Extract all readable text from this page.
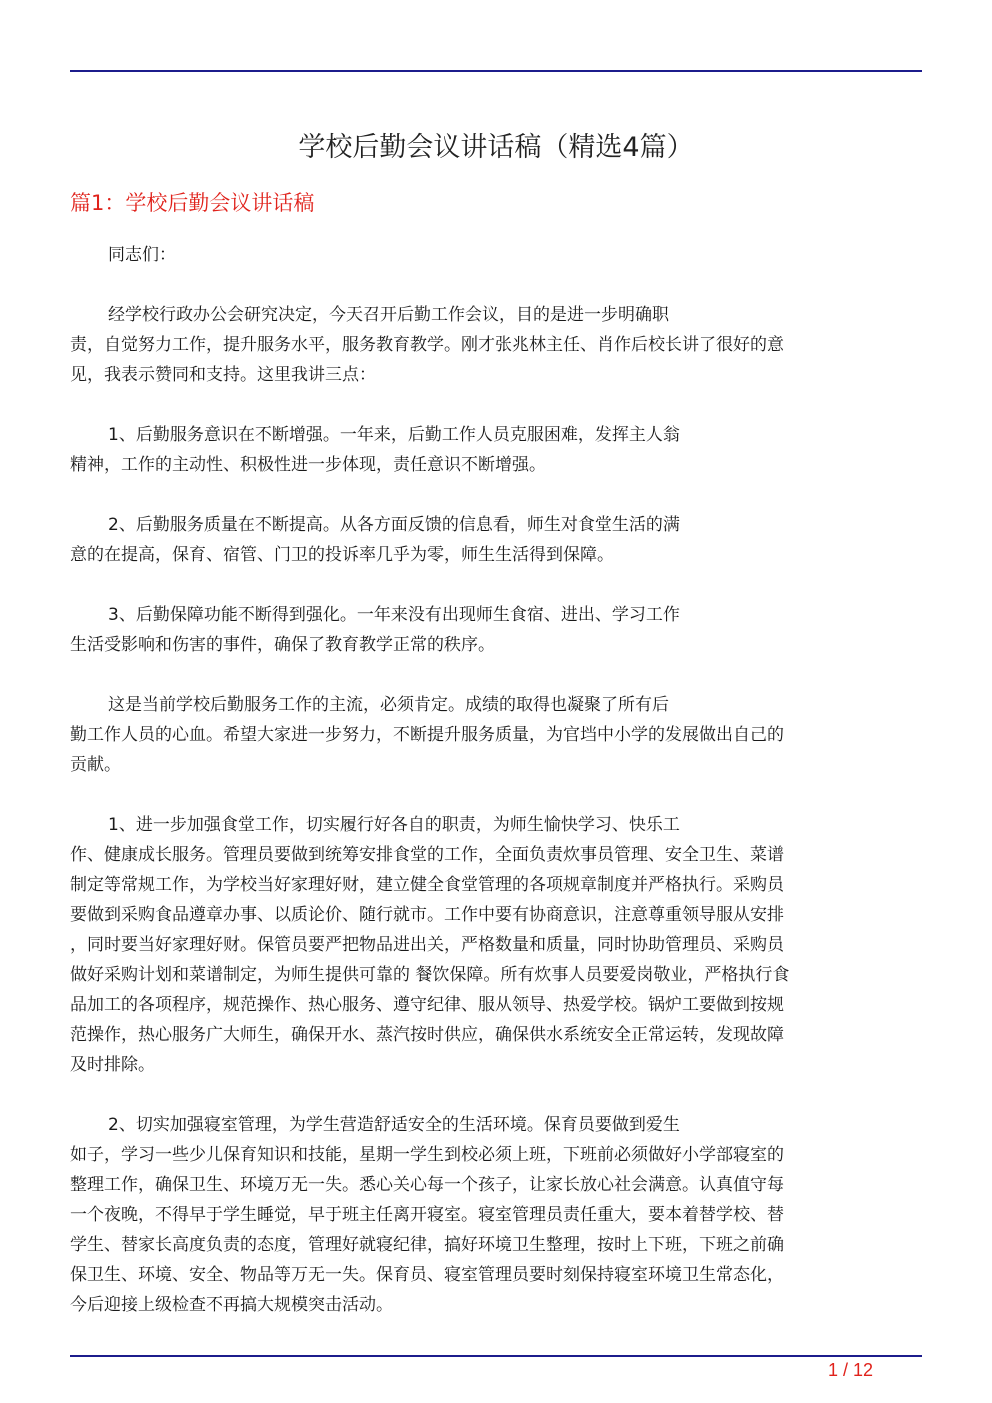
学校后勤会议讲话稿（精选4篇）
篇1：学校后勤会议讲话稿

同志们：

经学校行政办公会研究决定，今天召开后勤工作会议，目的是进一步明确职
责，自觉努力工作，提升服务水平，服务教育教学。刚才张兆林主任、肖作后校长讲了很好的意
见，我表示赞同和支持。这里我讲三点：

1、后勤服务意识在不断增强。一年来，后勤工作人员克服困难，发挥主人翁
精神，工作的主动性、积极性进一步体现，责任意识不断增强。

2、后勤服务质量在不断提高。从各方面反馈的信息看，师生对食堂生活的满
意的在提高，保育、宿管、门卫的投诉率几乎为零，师生生活得到保障。

3、后勤保障功能不断得到强化。一年来没有出现师生食宿、进出、学习工作
生活受影响和伤害的事件，确保了教育教学正常的秩序。

这是当前学校后勤服务工作的主流，必须肯定。成绩的取得也凝聚了所有后
勤工作人员的心血。希望大家进一步努力，不断提升服务质量，为官垱中小学的发展做出自己的
贡献。

1、进一步加强食堂工作，切实履行好各自的职责，为师生愉快学习、快乐工
作、健康成长服务。管理员要做到统筹安排食堂的工作，全面负责炊事员管理、安全卫生、菜谱
制定等常规工作，为学校当好家理好财，建立健全食堂管理的各项规章制度并严格执行。采购员
要做到采购食品遵章办事、以质论价、随行就市。工作中要有协商意识，注意尊重领导服从安排
，同时要当好家理好财。保管员要严把物品进出关，严格数量和质量，同时协助管理员、采购员
做好采购计划和菜谱制定，为师生提供可靠的 餐饮保障。所有炊事人员要爱岗敬业，严格执行食
品加工的各项程序，规范操作、热心服务、遵守纪律、服从领导、热爱学校。锅炉工要做到按规
范操作，热心服务广大师生，确保开水、蒸汽按时供应，确保供水系统安全正常运转，发现故障
及时排除。

2、切实加强寝室管理，为学生营造舒适安全的生活环境。保育员要做到爱生
如子，学习一些少儿保育知识和技能，星期一学生到校必须上班，下班前必须做好小学部寝室的
整理工作，确保卫生、环境万无一失。悉心关心每一个孩子，让家长放心社会满意。认真值守每
一个夜晚，不得早于学生睡觉，早于班主任离开寝室。寝室管理员责任重大，要本着替学校、替
学生、替家长高度负责的态度，管理好就寝纪律，搞好环境卫生整理，按时上下班，下班之前确
保卫生、环境、安全、物品等万无一失。保育员、寝室管理员要时刻保持寝室环境卫生常态化，
今后迎接上级检查不再搞大规模突击活动。

1 / 12
